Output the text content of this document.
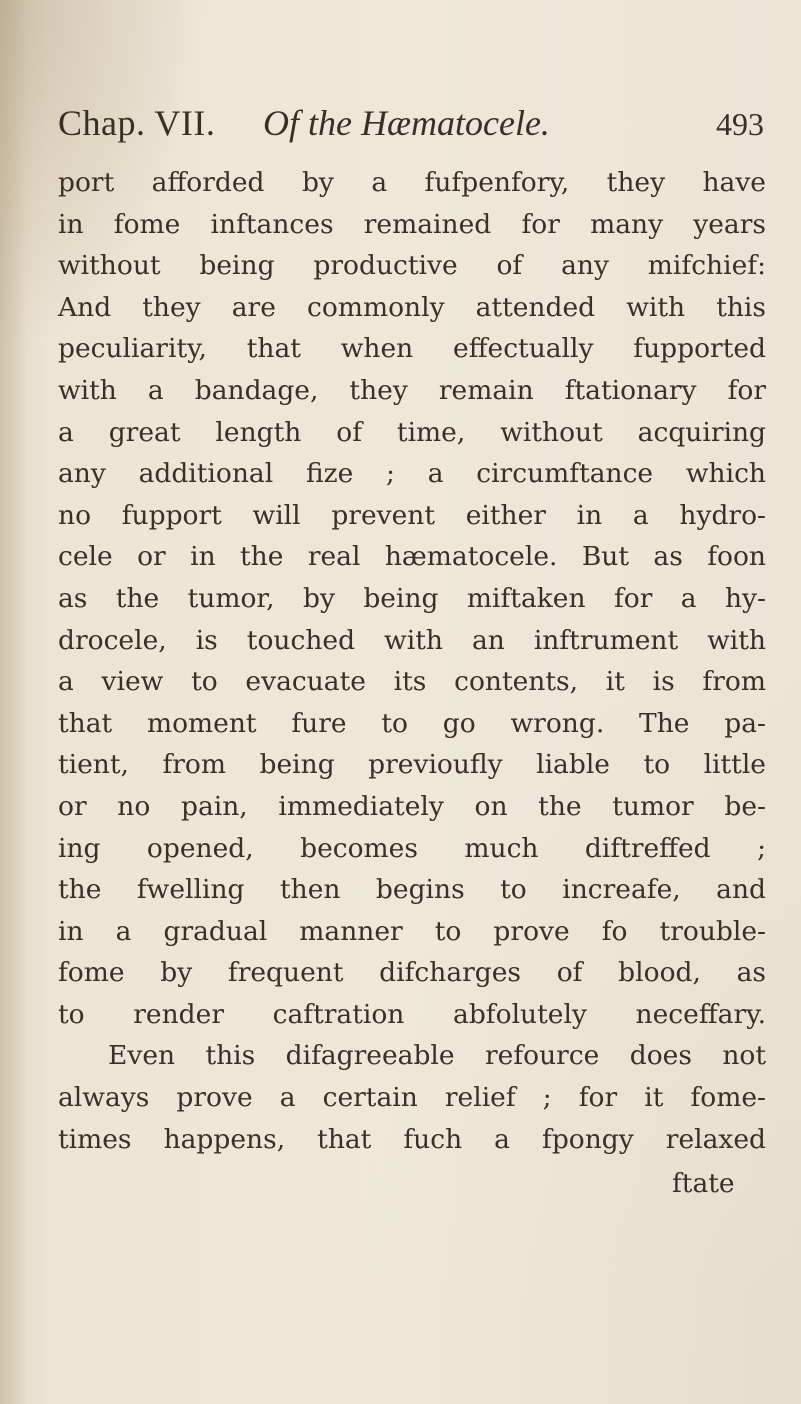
Chap. VII. Of the Hæmatocele.	493
port afforded by a fufpenfory, they have
in fome inftances remained for many years
without being productive of any mifchief:
And they are commonly attended with this
peculiarity, that when effectually fupported
with a bandage, they remain ftationary for
a great length of time, without acquiring
any additional fize ; a circumftance which
no fupport will prevent either in a hydro-
cele or in the real hæmatocele. But as foon
as the tumor, by being miftaken for a hy-
drocele, is touched with an inftrument with
a view to evacuate its contents, it is from
that moment fure to go wrong. The pa-
tient, from being previoufly liable to little
or no pain, immediately on the tumor be-
ing opened, becomes much diftreffed ;
the fwelling then begins to increafe, and
in a gradual manner to prove fo trouble-
fome by frequent difcharges of blood, as
to render caftration abfolutely neceffary.
Even this difagreeable refource does not
always prove a certain relief ; for it fome-
times happens, that fuch a fpongy relaxed
ftate
